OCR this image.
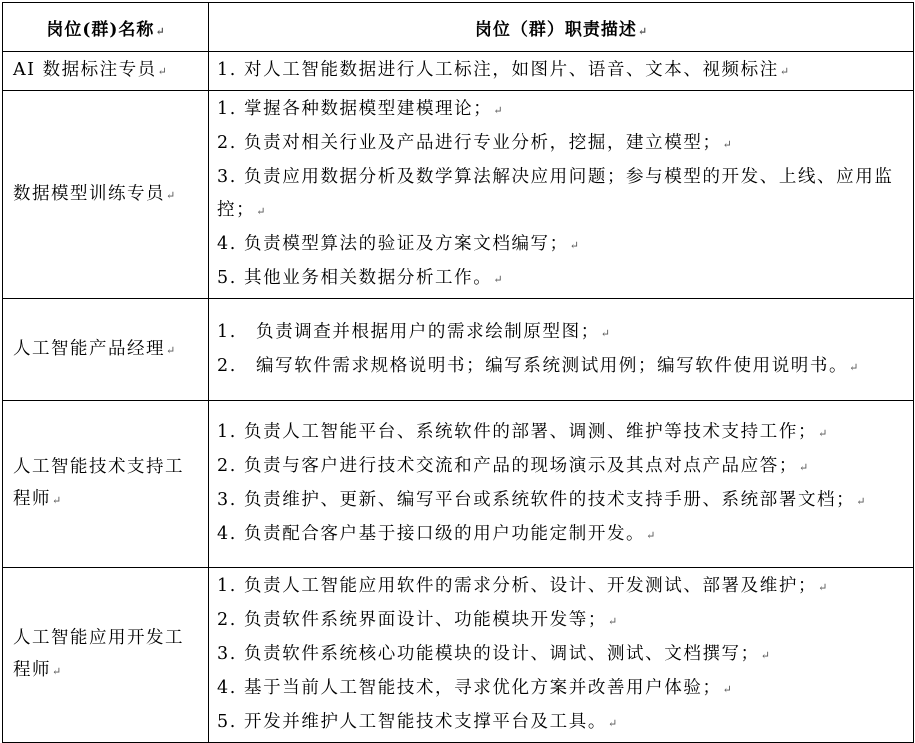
岗位(群)名称↵	岗位（群）职责描述↵
AI 数据标注专员↵	1. 对人工智能数据进行人工标注，如图片、语音、文本、视频标注↵

数据模型训练专员↵	1. 掌握各种数据模型建模理论；↵
2. 负责对相关行业及产品进行专业分析，挖掘，建立模型；↵
3. 负责应用数据分析及数学算法解决应用问题；参与模型的开发、上线、应用监控；↵
4. 负责模型算法的验证及方案文档编写；↵
5. 其他业务相关数据分析工作。↵

人工智能产品经理↵	1.　负责调查并根据用户的需求绘制原型图；↵
2.　编写软件需求规格说明书；编写系统测试用例；编写软件使用说明书。↵

人工智能技术支持工程师↵	1. 负责人工智能平台、系统软件的部署、调测、维护等技术支持工作；↵
2. 负责与客户进行技术交流和产品的现场演示及其点对点产品应答；↵
3. 负责维护、更新、编写平台或系统软件的技术支持手册、系统部署文档；↵
4. 负责配合客户基于接口级的用户功能定制开发。↵

人工智能应用开发工程师↵	1. 负责人工智能应用软件的需求分析、设计、开发测试、部署及维护；↵
2. 负责软件系统界面设计、功能模块开发等；↵
3. 负责软件系统核心功能模块的设计、调试、测试、文档撰写；↵
4. 基于当前人工智能技术，寻求优化方案并改善用户体验；↵
5. 开发并维护人工智能技术支撑平台及工具。↵
